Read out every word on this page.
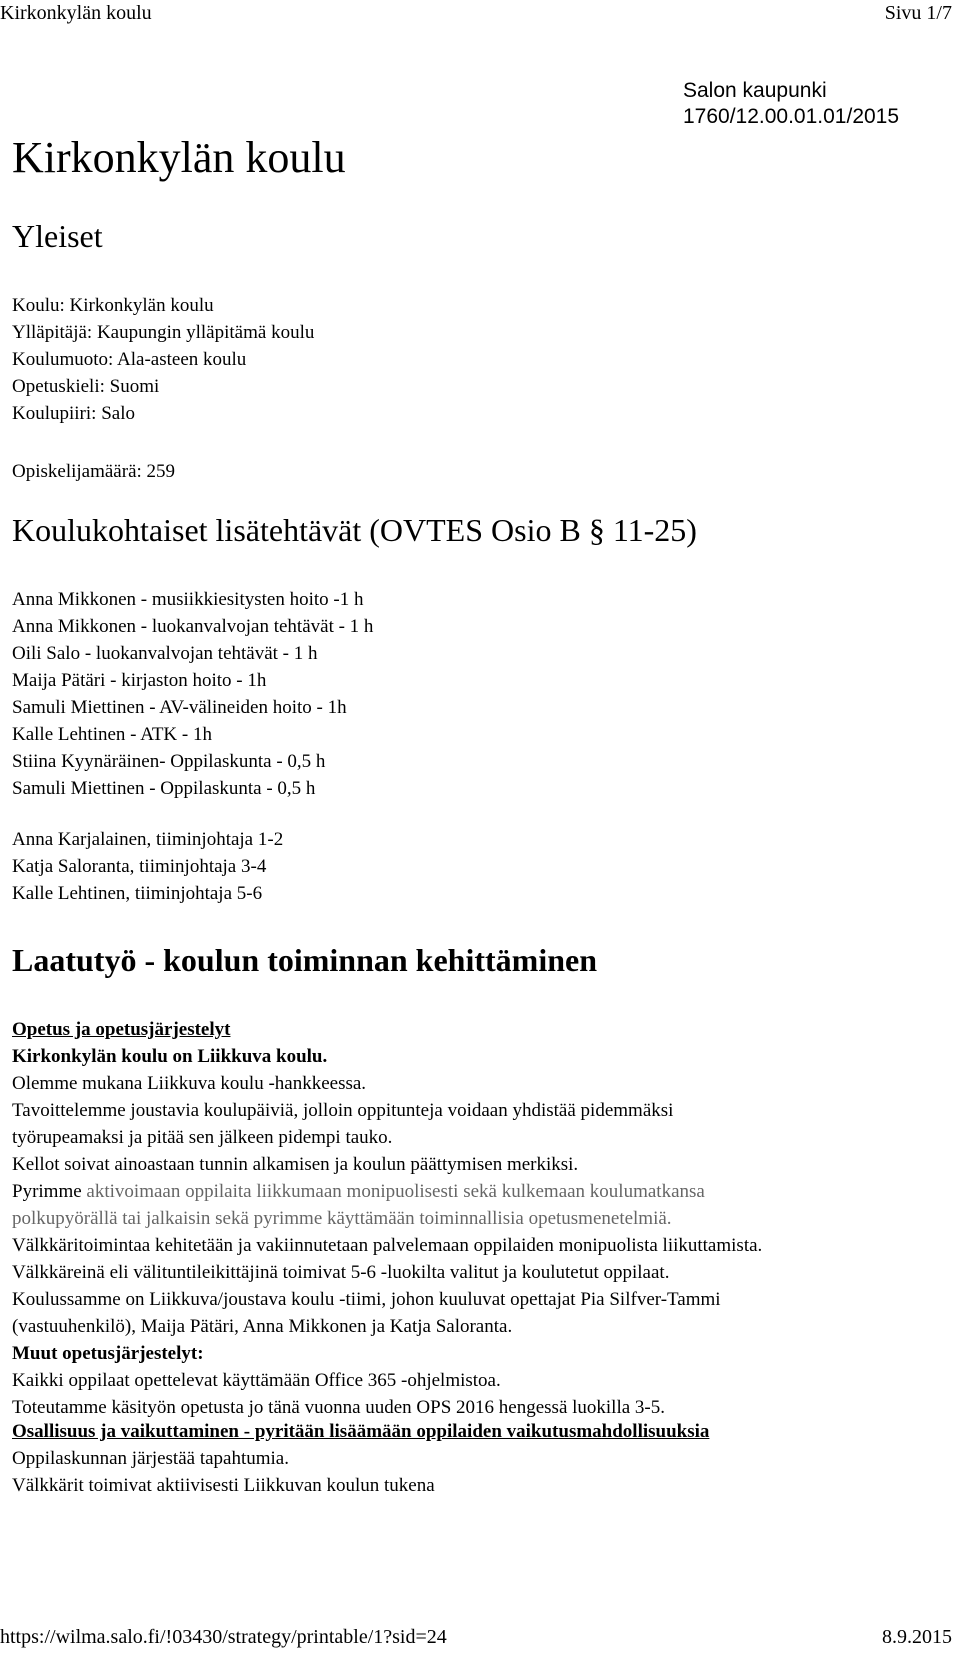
Kirkonkylän koulu	Sivu 1/7
Salon kaupunki
1760/12.00.01.01/2015
Kirkonkylän koulu
Yleiset
Koulu: Kirkonkylän koulu
Ylläpitäjä: Kaupungin ylläpitämä koulu
Koulumuoto: Ala-asteen koulu
Opetuskieli: Suomi
Koulupiiri: Salo
Opiskelijamäärä: 259
Koulukohtaiset lisätehtävät (OVTES Osio B § 11-25)
Anna Mikkonen - musiikkiesitysten hoito -1 h
Anna Mikkonen - luokanvalvojan tehtävät - 1 h
Oili Salo - luokanvalvojan tehtävät - 1 h
Maija Pätäri - kirjaston hoito - 1h
Samuli Miettinen - AV-välineiden hoito - 1h
Kalle Lehtinen - ATK - 1h
Stiina Kyynäräinen- Oppilaskunta - 0,5 h
Samuli Miettinen - Oppilaskunta - 0,5 h
Anna Karjalainen, tiiminjohtaja 1-2
Katja Saloranta, tiiminjohtaja 3-4
Kalle Lehtinen, tiiminjohtaja 5-6
Laatutyö - koulun toiminnan kehittäminen
Opetus ja opetusjärjestelyt
Kirkonkylän koulu on Liikkuva koulu.
Olemme mukana Liikkuva koulu -hankkeessa.
Tavoittelemme joustavia koulupäiviä, jolloin oppitunteja voidaan yhdistää pidemmäksi
työrupeamaksi ja pitää sen jälkeen pidempi tauko.
Kellot soivat ainoastaan tunnin alkamisen ja koulun päättymisen merkiksi.
Pyrimme aktivoimaan oppilaita liikkumaan monipuolisesti sekä kulkemaan koulumatkansa
polkupyörällä tai jalkaisin sekä pyrimme käyttämään toiminnallisia opetusmenetelmiä.
Välkkäritoimintaa kehitetään ja vakiinnutetaan palvelemaan oppilaiden monipuolista liikuttamista.
Välkkäreinä eli välituntileikittäjinä toimivat 5-6 -luokilta valitut ja koulutetut oppilaat.
Koulussamme on Liikkuva/joustava koulu -tiimi, johon kuuluvat opettajat Pia Silfver-Tammi
(vastuuhenkilö), Maija Pätäri, Anna Mikkonen ja Katja Saloranta.
Muut opetusjärjestelyt:
Kaikki oppilaat opettelevat käyttämään Office 365 -ohjelmistoa.
Toteutamme käsityön opetusta jo tänä vuonna uuden OPS 2016 hengessä luokilla 3-5.
Osallisuus ja vaikuttaminen - pyritään lisäämään oppilaiden vaikutusmahdollisuuksia
Oppilaskunnan järjestää tapahtumia.
Välkkärit toimivat aktiivisesti Liikkuvan koulun tukena
https://wilma.salo.fi/!03430/strategy/printable/1?sid=24	8.9.2015
